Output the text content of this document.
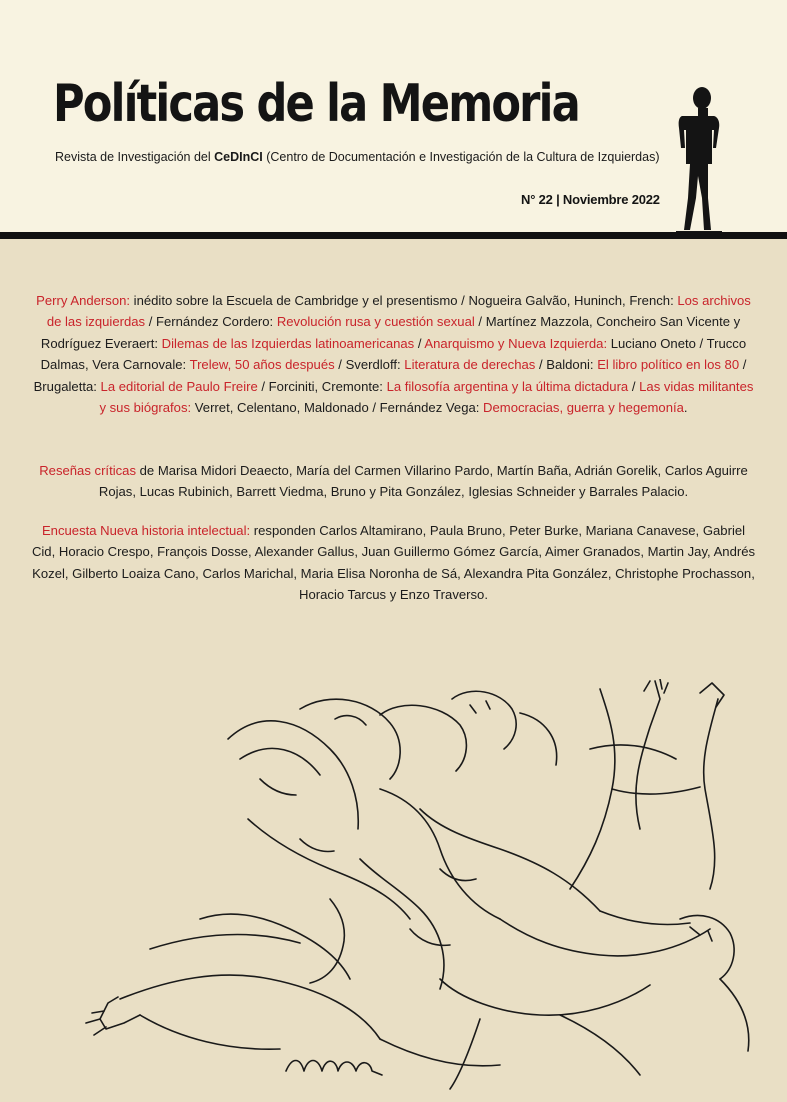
Políticas de la Memoria
Revista de Investigación del CeDInCI (Centro de Documentación e Investigación de la Cultura de Izquierdas)
N° 22 | Noviembre 2022

Perry Anderson: inédito sobre la Escuela de Cambridge y el presentismo / Nogueira Galvão, Huninch, French: Los archivos de las izquierdas / Fernández Cordero: Revolución rusa y cuestión sexual / Martínez Mazzola, Concheiro San Vicente y Rodríguez Everaert: Dilemas de las Izquierdas latinoamericanas / Anarquismo y Nueva Izquierda: Luciano Oneto / Trucco Dalmas, Vera Carnovale: Trelew, 50 años después / Sverdloff: Literatura de derechas / Baldoni: El libro político en los 80 / Brugaletta: La editorial de Paulo Freire / Forciniti, Cremonte: La filosofía argentina y la última dictadura / Las vidas militantes y sus biógrafos: Verret, Celentano, Maldonado / Fernández Vega: Democracias, guerra y hegemonía.

Reseñas críticas de Marisa Midori Deaecto, María del Carmen Villarino Pardo, Martín Baña, Adrián Gorelik, Carlos Aguirre Rojas, Lucas Rubinich, Barrett Viedma, Bruno y Pita González, Iglesias Schneider y Barrales Palacio.

Encuesta Nueva historia intelectual: responden Carlos Altamirano, Paula Bruno, Peter Burke, Mariana Canavese, Gabriel Cid, Horacio Crespo, François Dosse, Alexander Gallus, Juan Guillermo Gómez García, Aimer Granados, Martin Jay, Andrés Kozel, Gilberto Loaiza Cano, Carlos Marichal, Maria Elisa Noronha de Sá, Alexandra Pita González, Christophe Prochasson, Horacio Tarcus y Enzo Traverso.
